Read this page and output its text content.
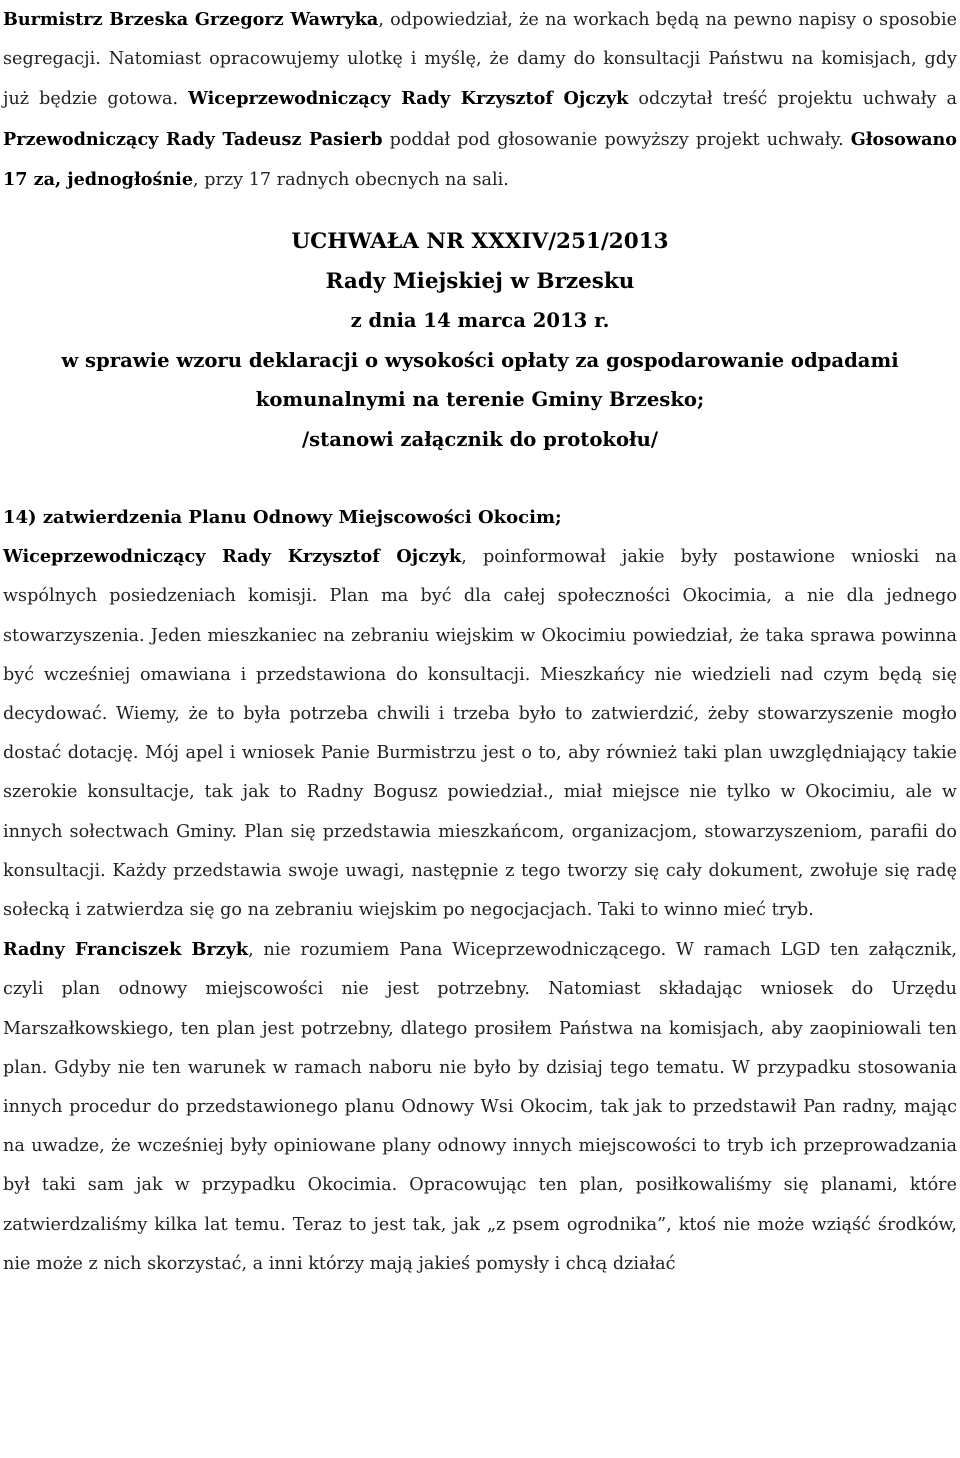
Burmistrz Brzeska Grzegorz Wawryka, odpowiedział, że na workach będą na pewno napisy o sposobie segregacji. Natomiast opracowujemy ulotkę i myślę, że damy do konsultacji Państwu na komisjach, gdy już będzie gotowa. Wiceprzewodniczący Rady Krzysztof Ojczyk odczytał treść projektu uchwały a Przewodniczący Rady Tadeusz Pasierb poddał pod głosowanie powyższy projekt uchwały. Głosowano 17 za, jednogłośnie, przy 17 radnych obecnych na sali.

UCHWAŁA NR XXXIV/251/2013
Rady Miejskiej w Brzesku
z dnia 14 marca 2013 r.
w sprawie wzoru deklaracji o wysokości opłaty za gospodarowanie odpadami
komunalnymi na terenie Gminy Brzesko;
/stanowi załącznik do protokołu/
14) zatwierdzenia Planu Odnowy Miejscowości Okocim;

Wiceprzewodniczący Rady Krzysztof Ojczyk, poinformował jakie były postawione wnioski na wspólnych posiedzeniach komisji. Plan ma być dla całej społeczności Okocimia, a nie dla jednego stowarzyszenia. Jeden mieszkaniec na zebraniu wiejskim w Okocimiu powiedział, że taka sprawa powinna być wcześniej omawiana i przedstawiona do konsultacji. Mieszkańcy nie wiedzieli nad czym będą się decydować. Wiemy, że to była potrzeba chwili i trzeba było to zatwierdzić, żeby stowarzyszenie mogło dostać dotację. Mój apel i wniosek Panie Burmistrzu jest o to, aby również taki plan uwzględniający takie szerokie konsultacje, tak jak to Radny Bogusz powiedział., miał miejsce nie tylko w Okocimiu, ale w innych sołectwach Gminy. Plan się przedstawia mieszkańcom, organizacjom, stowarzyszeniom, parafii do konsultacji. Każdy przedstawia swoje uwagi, następnie z tego tworzy się cały dokument, zwołuje się radę sołecką i zatwierdza się go na zebraniu wiejskim po negocjacjach. Taki to winno mieć tryb.

Radny Franciszek Brzyk, nie rozumiem Pana Wiceprzewodniczącego. W ramach LGD ten załącznik, czyli plan odnowy miejscowości nie jest potrzebny. Natomiast składając wniosek do Urzędu Marszałkowskiego, ten plan jest potrzebny, dlatego prosiłem Państwa na komisjach, aby zaopiniowali ten plan. Gdyby nie ten warunek w ramach naboru nie było by dzisiaj tego tematu. W przypadku stosowania innych procedur do przedstawionego planu Odnowy Wsi Okocim, tak jak to przedstawił Pan radny, mając na uwadze, że wcześniej były opiniowane plany odnowy innych miejscowości to tryb ich przeprowadzania był taki sam jak w przypadku Okocimia. Opracowując ten plan, posiłkowaliśmy się planami, które zatwierdzaliśmy kilka lat temu. Teraz to jest tak, jak „z psem ogrodnika”, ktoś nie może wziąść środków, nie może z nich skorzystać, a inni którzy mają jakieś pomysły i chcą działać
